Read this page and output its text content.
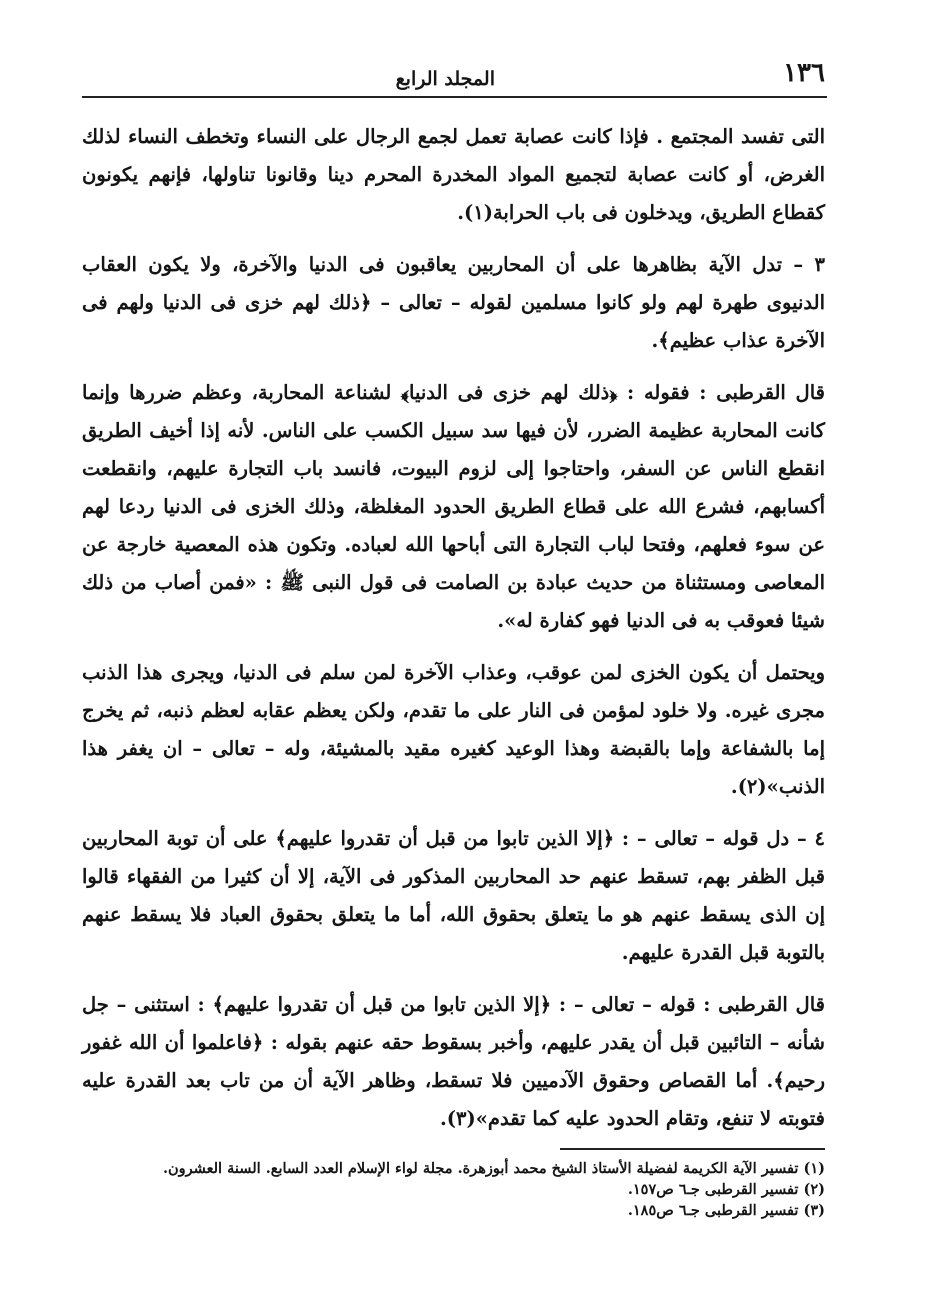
١٣٦
المجلد الرابع

التى تفسد المجتمع . فإذا كانت عصابة تعمل لجمع الرجال على النساء وتخطف النساء لذلك الغرض، أو كانت عصابة لتجميع المواد المخدرة المحرم دينا وقانونا تناولها، فإنهم يكونون كقطاع الطريق، ويدخلون فى باب الحرابة(١).

٣ – تدل الآية بظاهرها على أن المحاربين يعاقبون فى الدنيا والآخرة، ولا يكون العقاب الدنيوى طهرة لهم ولو كانوا مسلمين لقوله – تعالى – ﴿ذلك لهم خزى فى الدنيا ولهم فى الآخرة عذاب عظيم﴾.

قال القرطبى : فقوله : ﴿ذلك لهم خزى فى الدنيا﴾ لشناعة المحاربة، وعظم ضررها وإنما كانت المحاربة عظيمة الضرر، لأن فيها سد سبيل الكسب على الناس. لأنه إذا أخيف الطريق انقطع الناس عن السفر، واحتاجوا إلى لزوم البيوت، فانسد باب التجارة عليهم، وانقطعت أكسابهم، فشرع الله على قطاع الطريق الحدود المغلظة، وذلك الخزى فى الدنيا ردعا لهم عن سوء فعلهم، وفتحا لباب التجارة التى أباحها الله لعباده. وتكون هذه المعصية خارجة عن المعاصى ومستثناة من حديث عبادة بن الصامت فى قول النبى ﷺ : «فمن أصاب من ذلك شيئا فعوقب به فى الدنيا فهو كفارة له».

ويحتمل أن يكون الخزى لمن عوقب، وعذاب الآخرة لمن سلم فى الدنيا، ويجرى هذا الذنب مجرى غيره. ولا خلود لمؤمن فى النار على ما تقدم، ولكن يعظم عقابه لعظم ذنبه، ثم يخرج إما بالشفاعة وإما بالقبضة وهذا الوعيد كغيره مقيد بالمشيئة، وله – تعالى – ان يغفر هذا الذنب»(٢).

٤ – دل قوله – تعالى – : ﴿إلا الذين تابوا من قبل أن تقدروا عليهم﴾ على أن توبة المحاربين قبل الظفر بهم، تسقط عنهم حد المحاربين المذكور فى الآية، إلا أن كثيرا من الفقهاء قالوا إن الذى يسقط عنهم هو ما يتعلق بحقوق الله، أما ما يتعلق بحقوق العباد فلا يسقط عنهم بالتوبة قبل القدرة عليهم.

قال القرطبى : قوله – تعالى – : ﴿إلا الذين تابوا من قبل أن تقدروا عليهم﴾ : استثنى – جل شأنه – التائبين قبل أن يقدر عليهم، وأخبر بسقوط حقه عنهم بقوله : ﴿فاعلموا أن الله غفور رحيم﴾. أما القصاص وحقوق الآدميين فلا تسقط، وظاهر الآية أن من تاب بعد القدرة عليه فتوبته لا تنفع، وتقام الحدود عليه كما تقدم»(٣).

(١) تفسير الآية الكريمة لفضيلة الأستاذ الشيخ محمد أبوزهرة. مجلة لواء الإسلام العدد السابع. السنة العشرون.
(٢) تفسير القرطبى جـ٦ ص١٥٧.
(٣) تفسير القرطبى جـ٦ ص١٨٥.
